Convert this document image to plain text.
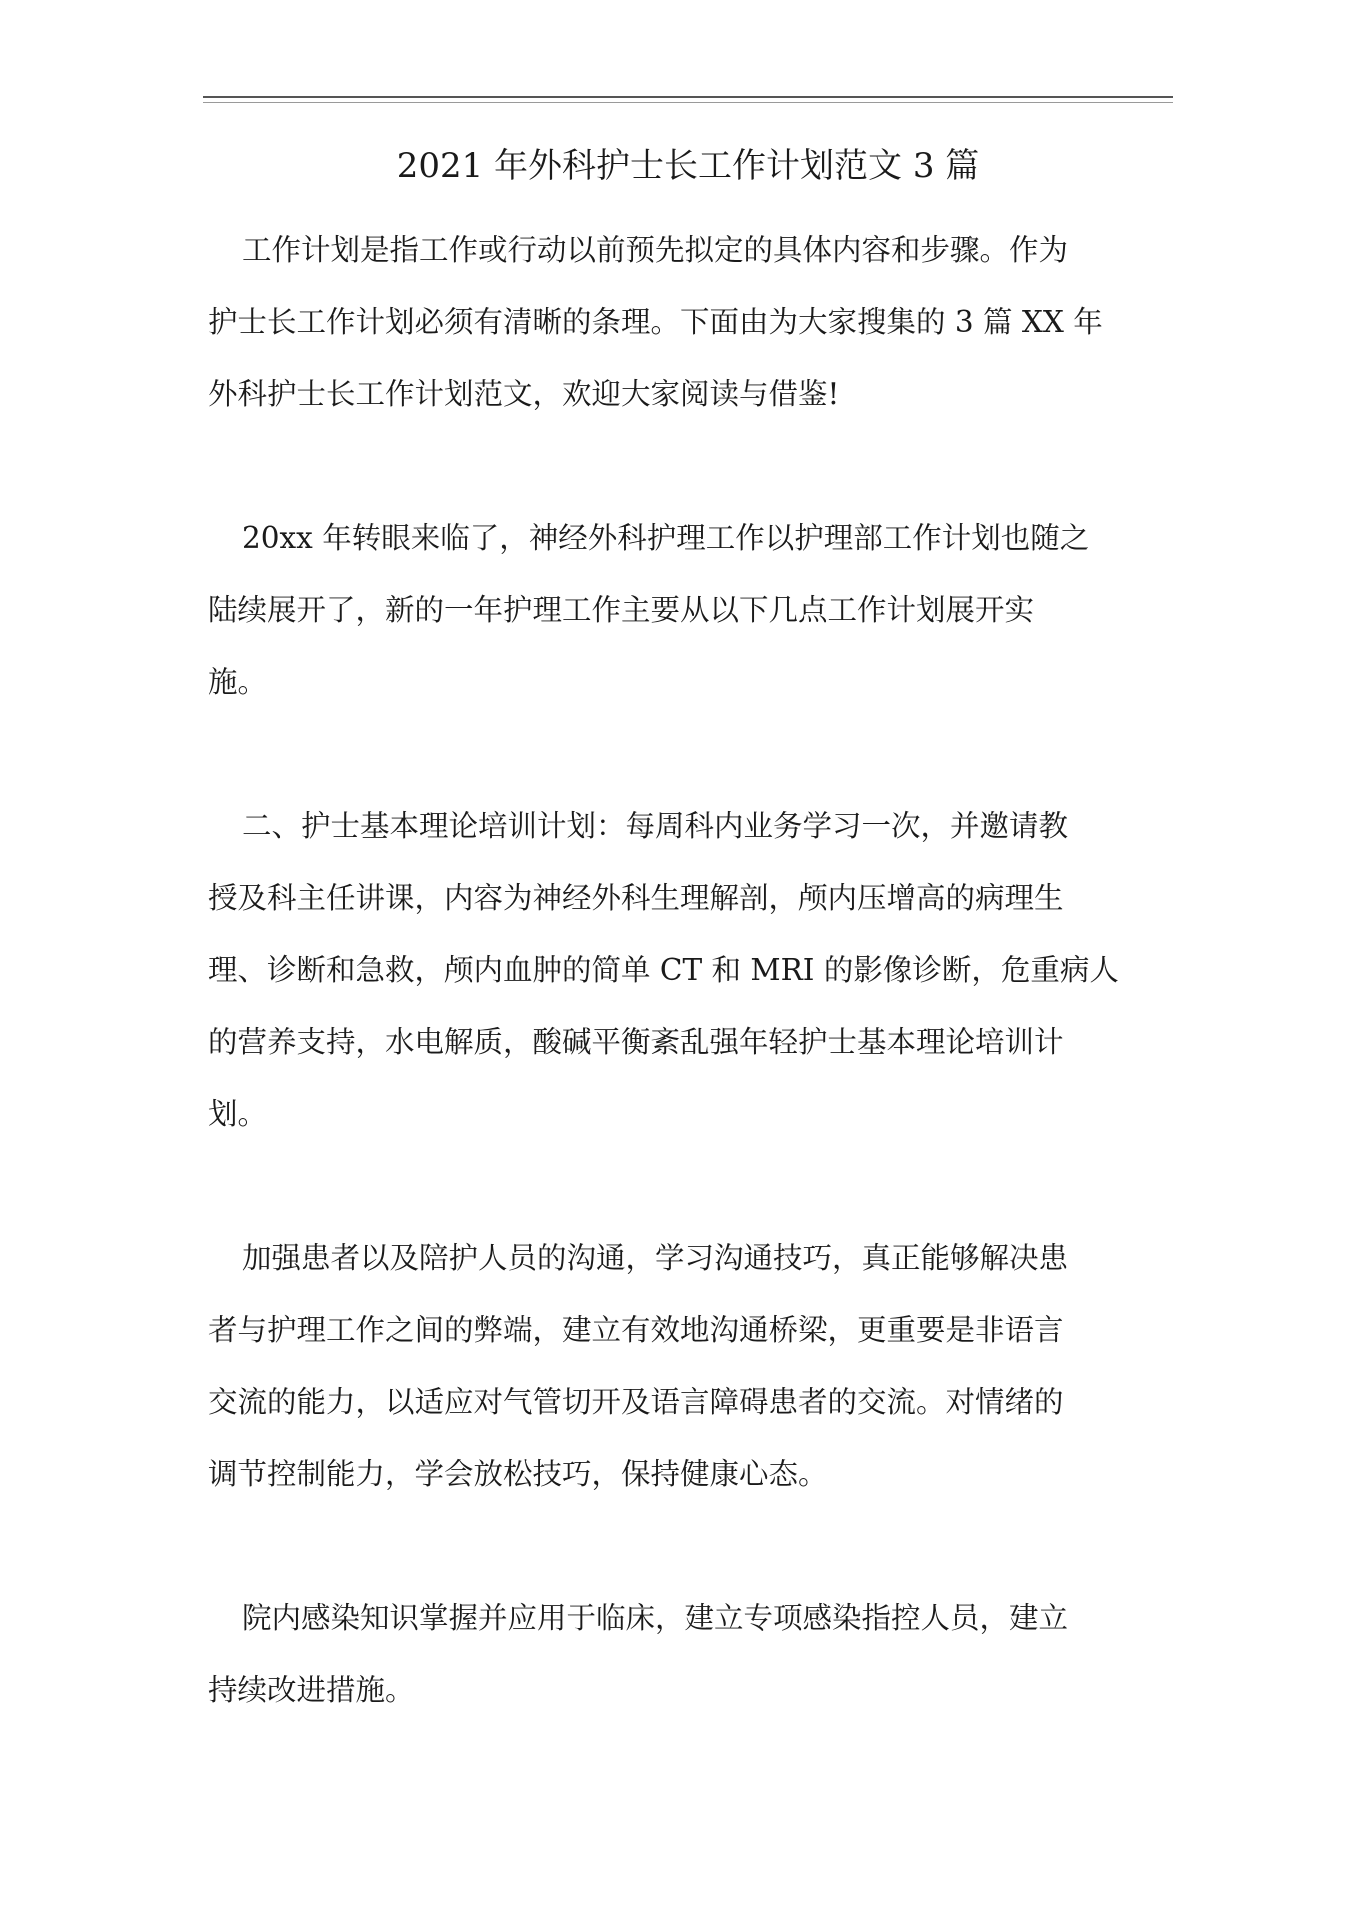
2021 年外科护士长工作计划范文 3 篇
工作计划是指工作或行动以前预先拟定的具体内容和步骤。作为
护士长工作计划必须有清晰的条理。下面由为大家搜集的 3 篇 XX 年
外科护士长工作计划范文，欢迎大家阅读与借鉴!
20xx 年转眼来临了，神经外科护理工作以护理部工作计划也随之
陆续展开了，新的一年护理工作主要从以下几点工作计划展开实
施。
二、护士基本理论培训计划：每周科内业务学习一次，并邀请教
授及科主任讲课，内容为神经外科生理解剖，颅内压增高的病理生
理、诊断和急救，颅内血肿的简单 CT 和 MRI 的影像诊断，危重病人
的营养支持，水电解质，酸碱平衡紊乱强年轻护士基本理论培训计
划。
加强患者以及陪护人员的沟通，学习沟通技巧，真正能够解决患
者与护理工作之间的弊端，建立有效地沟通桥梁，更重要是非语言
交流的能力，以适应对气管切开及语言障碍患者的交流。对情绪的
调节控制能力，学会放松技巧，保持健康心态。
院内感染知识掌握并应用于临床，建立专项感染指控人员，建立
持续改进措施。
